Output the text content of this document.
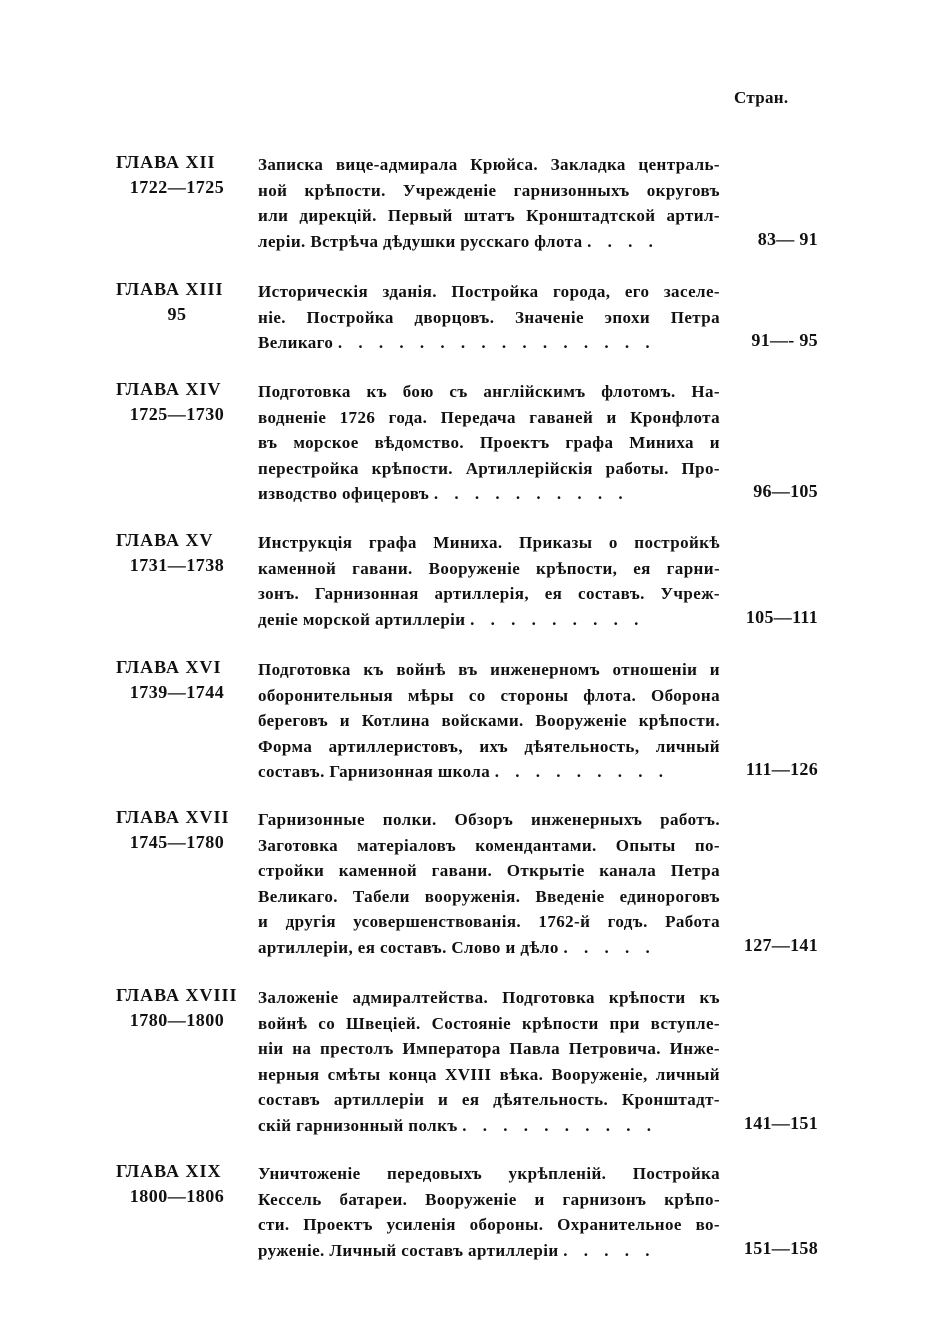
Стран.
ГЛАВА XII
1722—1725
Записка вице-адмирала Крюйса. Закладка централь-
ной крѣпости. Учрежденіе гарнизонныхъ округовъ
или дирекцій. Первый штатъ Кронштадтской артил-
леріи. Встрѣча дѣдушки русскаго флота . . . .	83— 91
ГЛАВА XIII
95
Историческія зданія. Постройка города, его заселе-
ніе. Постройка дворцовъ. Значеніе эпохи Петра
Великаго . . . . . . . . . . . . . . . .	91—- 95
ГЛАВА XIV
1725—1730
Подготовка къ бою съ англійскимъ флотомъ. На-
водненіе 1726 года. Передача гаваней и Кронфлота
въ морское вѣдомство. Проектъ графа Миниха и
перестройка крѣпости. Артиллерійскія работы. Про-
изводство офицеровъ . . . . . . . . . .	96—105
ГЛАВА XV
1731—1738
Инструкція графа Миниха. Приказы о постройкѣ
каменной гавани. Вооруженіе крѣпости, ея гарни-
зонъ. Гарнизонная артиллерія, ея составъ. Учреж-
деніе морской артиллеріи . . . . . . . . .	105—111
ГЛАВА XVI
1739—1744
Подготовка къ войнѣ въ инженерномъ отношеніи и
оборонительныя мѣры со стороны флота. Оборона
береговъ и Котлина войсками. Вооруженіе крѣпости.
Форма артиллеристовъ, ихъ дѣятельность, личный
составъ. Гарнизонная школа . . . . . . . . .	111—126
ГЛАВА XVII
1745—1780
Гарнизонные полки. Обзоръ инженерныхъ работъ.
Заготовка матеріаловъ комендантами. Опыты по-
стройки каменной гавани. Открытіе канала Петра
Великаго. Табели вооруженія. Введеніе единороговъ
и другія усовершенствованія. 1762-й годъ. Работа
артиллеріи, ея составъ. Слово и дѣло . . . . .	127—141
ГЛАВА XVIII
1780—1800
Заложеніе адмиралтейства. Подготовка крѣпости къ
войнѣ со Швеціей. Состояніе крѣпости при вступле-
ніи на престолъ Императора Павла Петровича. Инже-
нерныя смѣты конца XVIII вѣка. Вооруженіе, личный
составъ артиллеріи и ея дѣятельность. Кронштадт-
скій гарнизонный полкъ . . . . . . . . . .	141—151
ГЛАВА XIX
1800—1806
Уничтоженіе передовыхъ укрѣпленій. Постройка
Кессель батареи. Вооруженіе и гарнизонъ крѣпо-
сти. Проектъ усиленія обороны. Охранительное во-
руженіе. Личный составъ артиллеріи . . . . .	151—158
